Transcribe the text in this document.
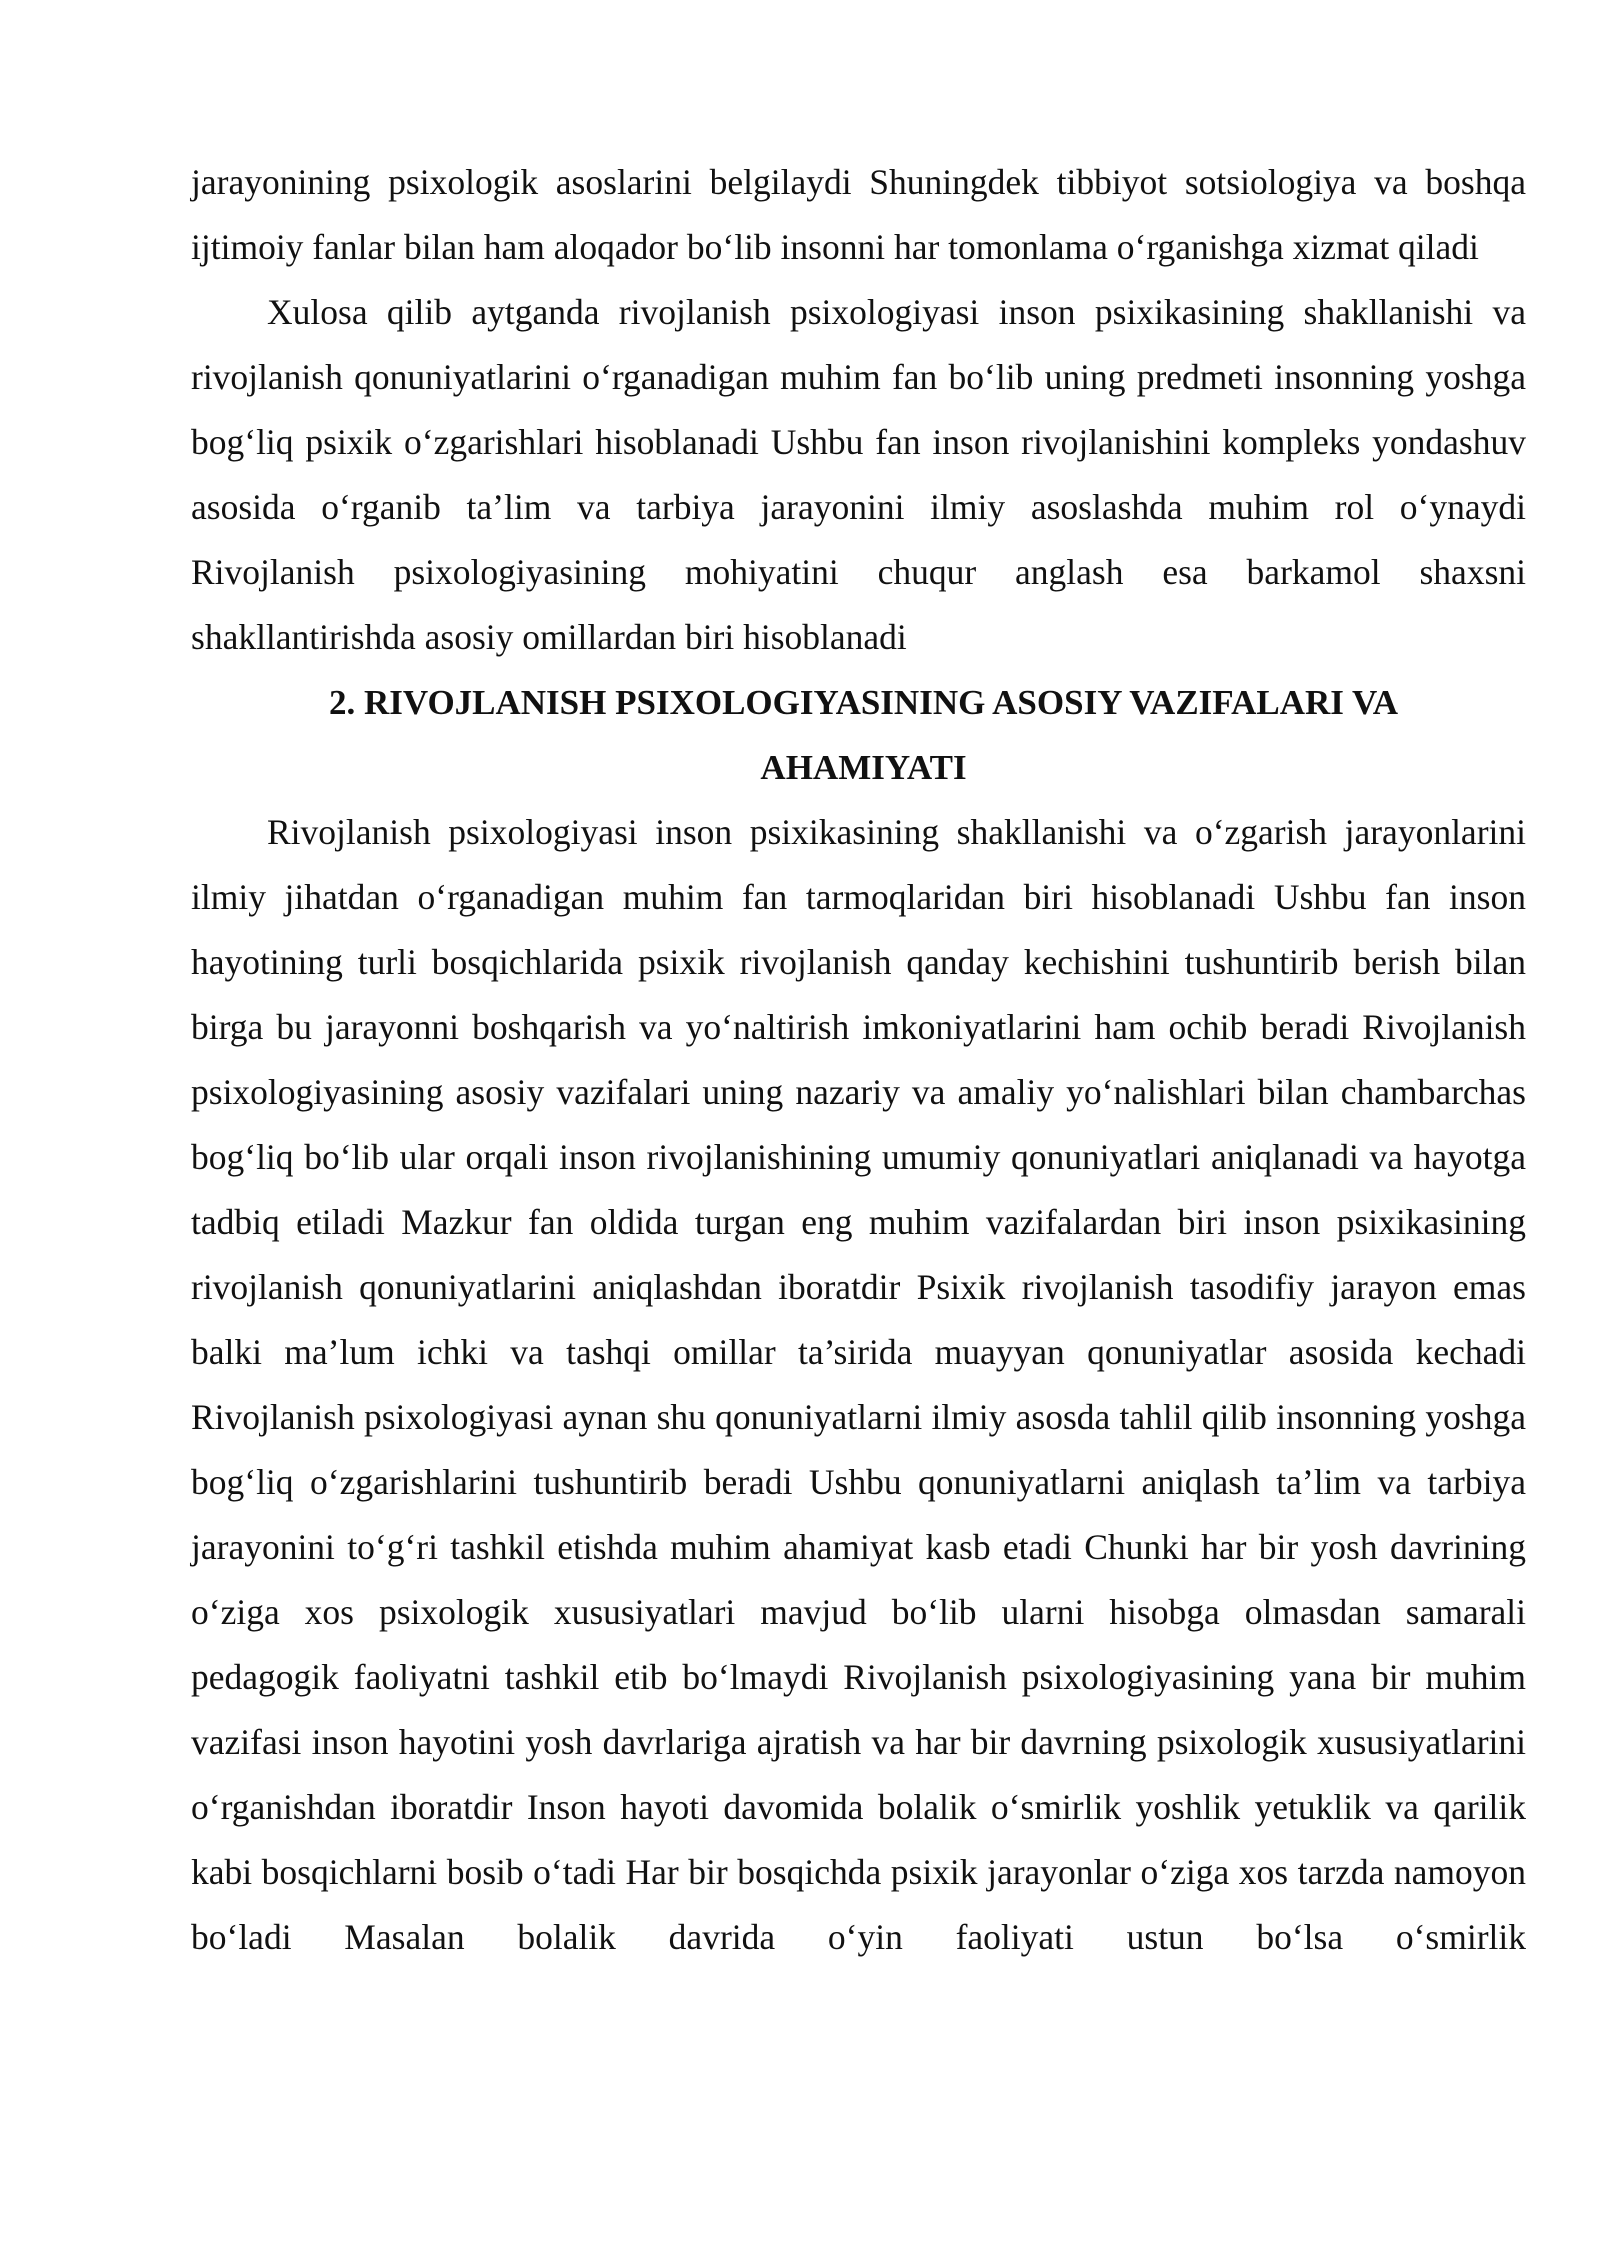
jarayonining psixologik asoslarini belgilaydi Shuningdek tibbiyot sotsiologiya va boshqa ijtimoiy fanlar bilan ham aloqador bo‘lib insonni har tomonlama o‘rganishga xizmat qiladi

Xulosa qilib aytganda rivojlanish psixologiyasi inson psixikasining shakllanishi va rivojlanish qonuniyatlarini o‘rganadigan muhim fan bo‘lib uning predmeti insonning yoshga bog‘liq psixik o‘zgarishlari hisoblanadi Ushbu fan inson rivojlanishini kompleks yondashuv asosida o‘rganib ta’lim va tarbiya jarayonini ilmiy asoslashda muhim rol o‘ynaydi Rivojlanish psixologiyasining mohiyatini chuqur anglash esa barkamol shaxsni shakllantirishda asosiy omillardan biri hisoblanadi

2. RIVOJLANISH PSIXOLOGIYASINING ASOSIY VAZIFALARI VA
AHAMIYATI

Rivojlanish psixologiyasi inson psixikasining shakllanishi va o‘zgarish jarayonlarini ilmiy jihatdan o‘rganadigan muhim fan tarmoqlaridan biri hisoblanadi Ushbu fan inson hayotining turli bosqichlarida psixik rivojlanish qanday kechishini tushuntirib berish bilan birga bu jarayonni boshqarish va yo‘naltirish imkoniyatlarini ham ochib beradi Rivojlanish psixologiyasining asosiy vazifalari uning nazariy va amaliy yo‘nalishlari bilan chambarchas bog‘liq bo‘lib ular orqali inson rivojlanishining umumiy qonuniyatlari aniqlanadi va hayotga tadbiq etiladi Mazkur fan oldida turgan eng muhim vazifalardan biri inson psixikasining rivojlanish qonuniyatlarini aniqlashdan iboratdir Psixik rivojlanish tasodifiy jarayon emas balki ma’lum ichki va tashqi omillar ta’sirida muayyan qonuniyatlar asosida kechadi Rivojlanish psixologiyasi aynan shu qonuniyatlarni ilmiy asosda tahlil qilib insonning yoshga bog‘liq o‘zgarishlarini tushuntirib beradi Ushbu qonuniyatlarni aniqlash ta’lim va tarbiya jarayonini to‘g‘ri tashkil etishda muhim ahamiyat kasb etadi Chunki har bir yosh davrining o‘ziga xos psixologik xususiyatlari mavjud bo‘lib ularni hisobga olmasdan samarali pedagogik faoliyatni tashkil etib bo‘lmaydi Rivojlanish psixologiyasining yana bir muhim vazifasi inson hayotini yosh davrlariga ajratish va har bir davrning psixologik xususiyatlarini o‘rganishdan iboratdir Inson hayoti davomida bolalik o‘smirlik yoshlik yetuklik va qarilik kabi bosqichlarni bosib o‘tadi Har bir bosqichda psixik jarayonlar o‘ziga xos tarzda namoyon bo‘ladi Masalan bolalik davrida o‘yin faoliyati ustun bo‘lsa o‘smirlik
